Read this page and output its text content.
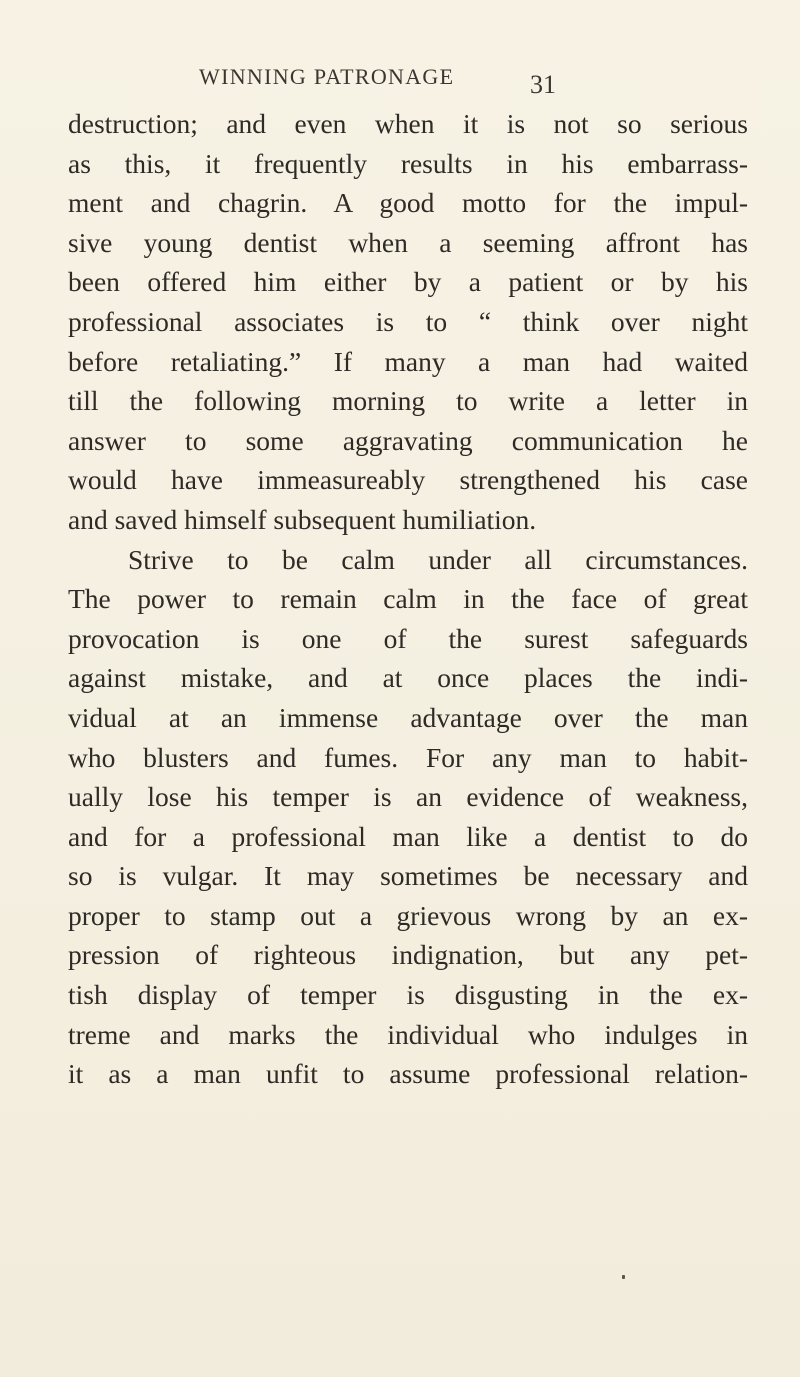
WINNING PATRONAGE	31
destruction; and even when it is not so serious
as this, it frequently results in his embarrass-
ment and chagrin. A good motto for the impul-
sive young dentist when a seeming affront has
been offered him either by a patient or by his
professional associates is to “ think over night
before retaliating.” If many a man had waited
till the following morning to write a letter in
answer to some aggravating communication he
would have immeasureably strengthened his case
and saved himself subsequent humiliation.
Strive to be calm under all circumstances.
The power to remain calm in the face of great
provocation is one of the surest safeguards
against mistake, and at once places the indi-
vidual at an immense advantage over the man
who blusters and fumes. For any man to habit-
ually lose his temper is an evidence of weakness,
and for a professional man like a dentist to do
so is vulgar. It may sometimes be necessary and
proper to stamp out a grievous wrong by an ex-
pression of righteous indignation, but any pet-
tish display of temper is disgusting in the ex-
treme and marks the individual who indulges in
it as a man unfit to assume professional relation-
